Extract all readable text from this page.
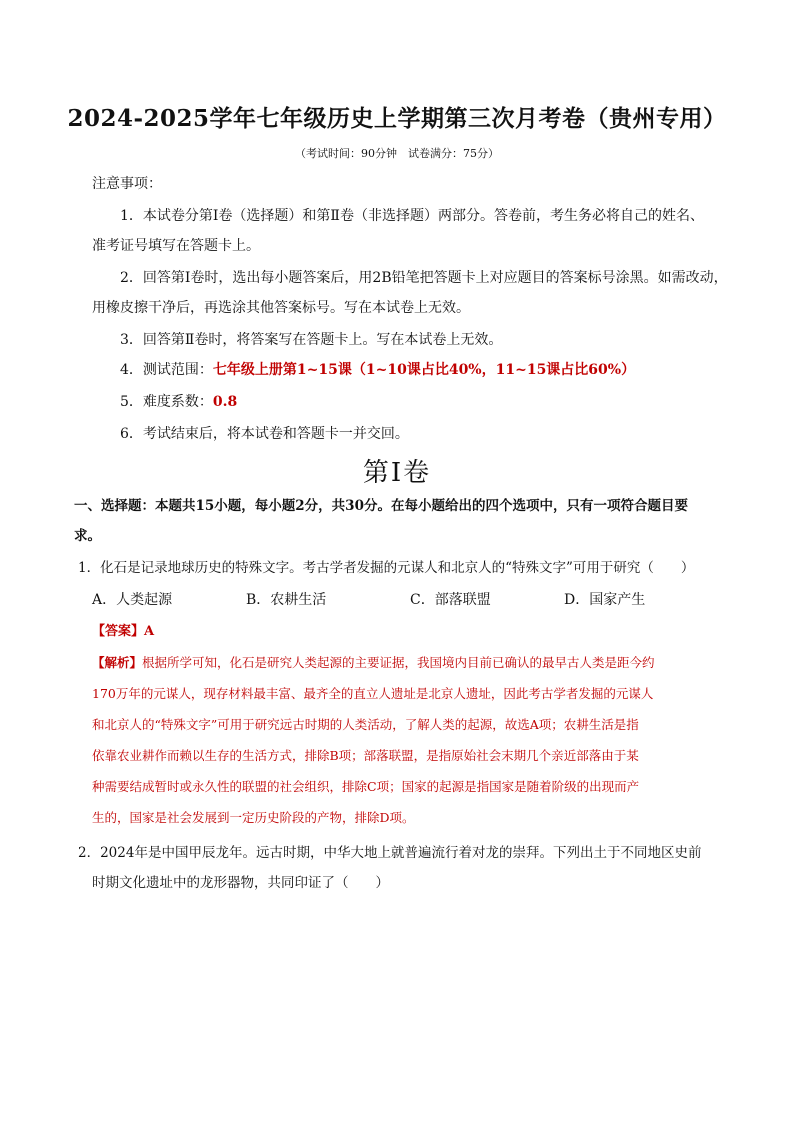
2024-2025学年七年级历史上学期第三次月考卷（贵州专用）
（考试时间：90分钟　试卷满分：75分）
注意事项：
1．本试卷分第Ⅰ卷（选择题）和第Ⅱ卷（非选择题）两部分。答卷前，考生务必将自己的姓名、
准考证号填写在答题卡上。
2．回答第Ⅰ卷时，选出每小题答案后，用2B铅笔把答题卡上对应题目的答案标号涂黑。如需改动，
用橡皮擦干净后，再选涂其他答案标号。写在本试卷上无效。
3．回答第Ⅱ卷时，将答案写在答题卡上。写在本试卷上无效。
4．测试范围：七年级上册第1~15课（1~10课占比40%，11~15课占比60%）
5．难度系数：0.8
6．考试结束后，将本试卷和答题卡一并交回。
第Ⅰ卷
一、选择题：本题共15小题，每小题2分，共30分。在每小题给出的四个选项中，只有一项符合题目要
求。
1．化石是记录地球历史的特殊文字。考古学者发掘的元谋人和北京人的“特殊文字”可用于研究（　　）
A．人类起源	B．农耕生活	C．部落联盟	D．国家产生
【答案】A
【解析】根据所学可知，化石是研究人类起源的主要证据，我国境内目前已确认的最早古人类是距今约
170万年的元谋人，现存材料最丰富、最齐全的直立人遗址是北京人遗址，因此考古学者发掘的元谋人
和北京人的“特殊文字”可用于研究远古时期的人类活动，了解人类的起源，故选A项；农耕生活是指
依靠农业耕作而赖以生存的生活方式，排除B项；部落联盟，是指原始社会末期几个亲近部落由于某
种需要结成暂时或永久性的联盟的社会组织，排除C项；国家的起源是指国家是随着阶级的出现而产
生的，国家是社会发展到一定历史阶段的产物，排除D项。
2．2024年是中国甲辰龙年。远古时期，中华大地上就普遍流行着对龙的崇拜。下列出土于不同地区史前
时期文化遗址中的龙形器物，共同印证了（　　）
